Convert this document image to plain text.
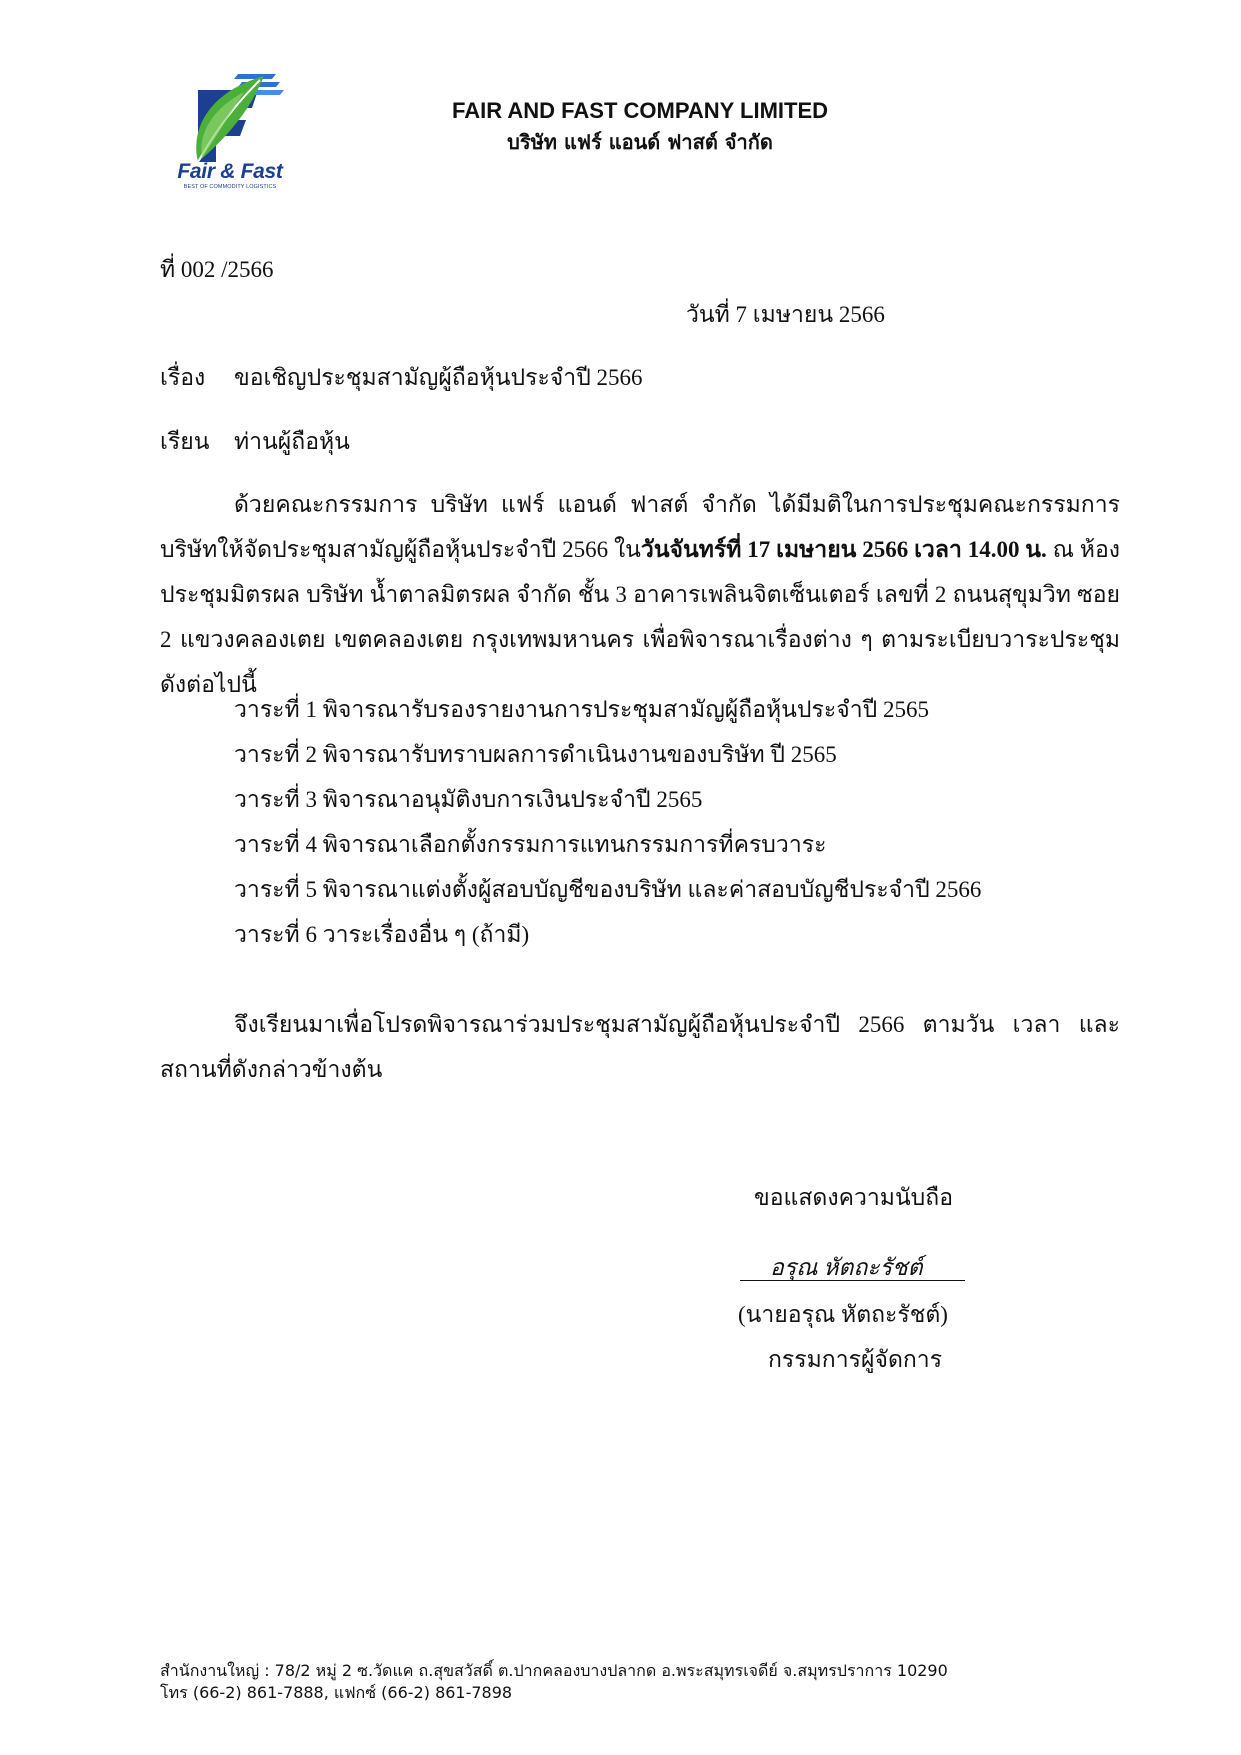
Fair & Fast
BEST OF COMMODITY LOGISTICS
FAIR AND FAST COMPANY LIMITED
บริษัท แฟร์ แอนด์ ฟาสต์ จำกัด
ที่ 002 /2566
วันที่ 7 เมษายน 2566
เรื่อง ขอเชิญประชุมสามัญผู้ถือหุ้นประจำปี 2566
เรียน ท่านผู้ถือหุ้น
ด้วยคณะกรรมการ บริษัท แฟร์ แอนด์ ฟาสต์ จำกัด ได้มีมติในการประชุมคณะกรรมการบริษัทให้จัดประชุมสามัญผู้ถือหุ้นประจำปี 2566 ในวันจันทร์ที่ 17 เมษายน 2566 เวลา 14.00 น. ณ ห้องประชุมมิตรผล บริษัท น้ำตาลมิตรผล จำกัด ชั้น 3 อาคารเพลินจิตเซ็นเตอร์ เลขที่ 2 ถนนสุขุมวิท ซอย 2 แขวงคลองเตย เขตคลองเตย กรุงเทพมหานคร เพื่อพิจารณาเรื่องต่าง ๆ ตามระเบียบวาระประชุมดังต่อไปนี้
วาระที่ 1 พิจารณารับรองรายงานการประชุมสามัญผู้ถือหุ้นประจำปี 2565
วาระที่ 2 พิจารณารับทราบผลการดำเนินงานของบริษัท ปี 2565
วาระที่ 3 พิจารณาอนุมัติงบการเงินประจำปี 2565
วาระที่ 4 พิจารณาเลือกตั้งกรรมการแทนกรรมการที่ครบวาระ
วาระที่ 5 พิจารณาแต่งตั้งผู้สอบบัญชีของบริษัท และค่าสอบบัญชีประจำปี 2566
วาระที่ 6 วาระเรื่องอื่น ๆ (ถ้ามี)
จึงเรียนมาเพื่อโปรดพิจารณาร่วมประชุมสามัญผู้ถือหุ้นประจำปี 2566 ตามวัน เวลา และสถานที่ดังกล่าวข้างต้น
ขอแสดงความนับถือ
อรุณ หัตถะรัชต์
(นายอรุณ หัตถะรัชต์)
กรรมการผู้จัดการ
สำนักงานใหญ่ : 78/2 หมู่ 2 ซ.วัดแค ถ.สุขสวัสดิ์ ต.ปากคลองบางปลากด อ.พระสมุทรเจดีย์ จ.สมุทรปราการ 10290
โทร (66-2) 861-7888, แฟกซ์ (66-2) 861-7898
